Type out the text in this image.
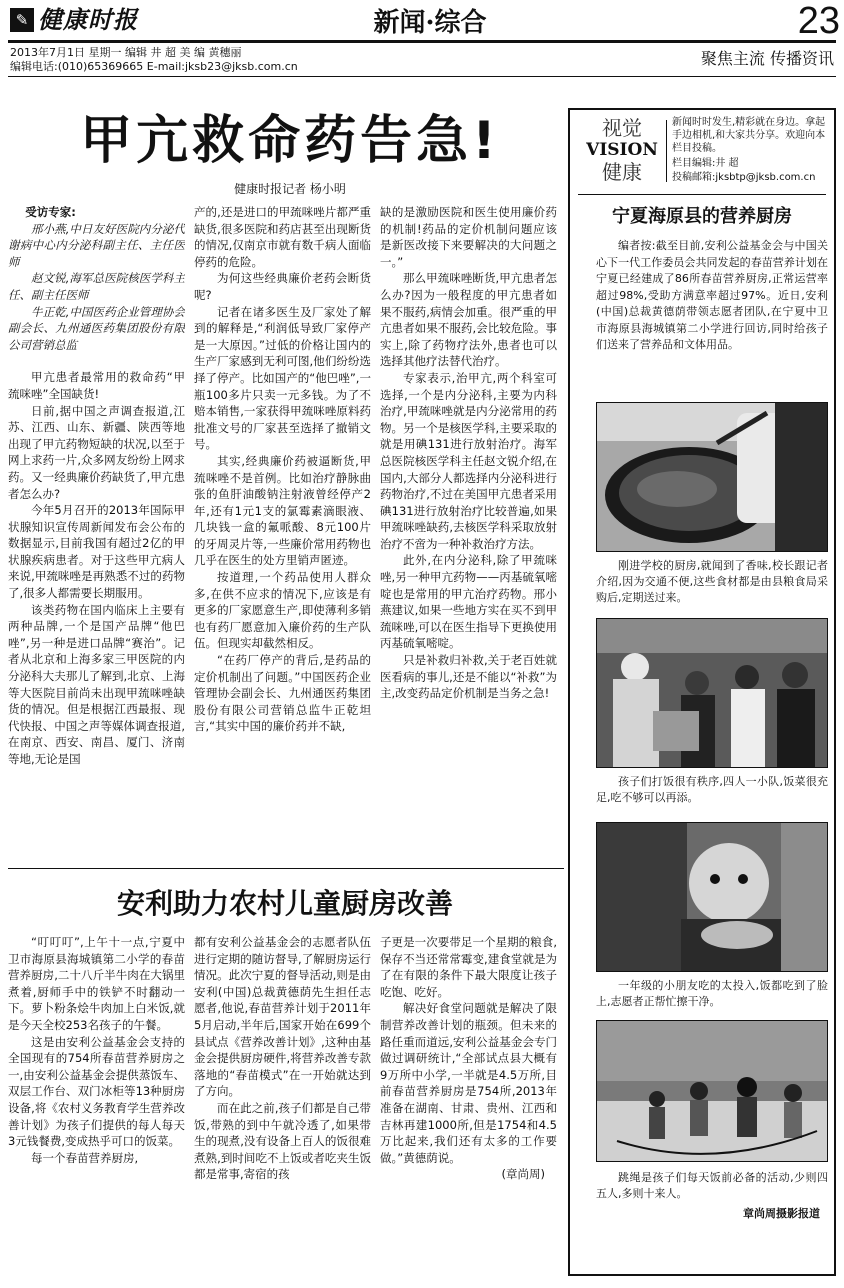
✎ 健康时报	新闻·综合	23
2013年7月1日 星期一 编辑 井 超 美 编 黄穗丽
编辑电话:(010)65369665 E-mail:jksb23@jksb.com.cn	聚焦主流 传播资讯
甲亢救命药告急!
健康时报记者 杨小明

受访专家:

邢小燕,中日友好医院内分泌代谢病中心内分泌科副主任、主任医师

赵文锐,海军总医院核医学科主任、副主任医师

牛正乾,中国医药企业管理协会副会长、九州通医药集团股份有限公司营销总监

甲亢患者最常用的救命药“甲巯咪唑”全国缺货!

日前,据中国之声调查报道,江苏、江西、山东、新疆、陕西等地出现了甲亢药物短缺的状况,以至于网上求药一片,众多网友纷纷上网求药。又一经典廉价药缺货了,甲亢患者怎么办?

今年5月召开的2013年国际甲状腺知识宣传周新闻发布会公布的数据显示,目前我国有超过2亿的甲状腺疾病患者。对于这些甲亢病人来说,甲巯咪唑是再熟悉不过的药物了,很多人都需要长期服用。

该类药物在国内临床上主要有两种品牌,一个是国产品牌“他巴唑”,另一种是进口品牌“赛治”。记者从北京和上海多家三甲医院的内分泌科大夫那儿了解到,北京、上海等大医院目前尚未出现甲巯咪唑缺货的情况。但是根据江西最报、现代快报、中国之声等媒体调查报道,在南京、西安、南昌、厦门、济南等地,无论是国

产的,还是进口的甲巯咪唑片都严重缺货,很多医院和药店甚至出现断货的情况,仅南京市就有数千病人面临停药的危险。

为何这些经典廉价老药会断货呢?

记者在诸多医生及厂家处了解到的解释是,“利润低导致厂家停产是一大原因。”过低的价格让国内的生产厂家感到无利可图,他们纷纷选择了停产。比如国产的“他巴唑”,一瓶100多片只卖一元多钱。为了不赔本销售,一家获得甲巯咪唑原料药批准文号的厂家甚至选择了撤销文号。

其实,经典廉价药被逼断货,甲巯咪唑不是首例。比如治疗静脉曲张的鱼肝油酸钠注射液曾经停产2年,还有1元1支的氯霉素滴眼液、几块钱一盒的氟哌酸、8元100片的牙周灵片等,一些廉价常用药物也几乎在医生的处方里销声匿迹。

按道理,一个药品使用人群众多,在供不应求的情况下,应该是有更多的厂家愿意生产,即使薄利多销也有药厂愿意加入廉价药的生产队伍。但现实却截然相反。

“在药厂停产的背后,是药品的定价机制出了问题。”中国医药企业管理协会副会长、九州通医药集团股份有限公司营销总监牛正乾坦言,“其实中国的廉价药并不缺,

缺的是激励医院和医生使用廉价药的机制!药品的定价机制问题应该是新医改接下来要解决的大问题之一。”

那么甲巯咪唑断货,甲亢患者怎么办?因为一般程度的甲亢患者如果不服药,病情会加重。很严重的甲亢患者如果不服药,会比较危险。事实上,除了药物疗法外,患者也可以选择其他疗法替代治疗。

专家表示,治甲亢,两个科室可选择,一个是内分泌科,主要为内科治疗,甲巯咪唑就是内分泌常用的药物。另一个是核医学科,主要采取的就是用碘131进行放射治疗。海军总医院核医学科主任赵文锐介绍,在国内,大部分人都选择内分泌科进行药物治疗,不过在美国甲亢患者采用碘131进行放射治疗比较普遍,如果甲巯咪唑缺药,去核医学科采取放射治疗不啻为一种补救治疗方法。

此外,在内分泌科,除了甲巯咪唑,另一种甲亢药物——丙基硫氧嘧啶也是常用的甲亢治疗药物。邢小燕建议,如果一些地方实在买不到甲巯咪唑,可以在医生指导下更换使用丙基硫氧嘧啶。

只是补救归补救,关于老百姓就医看病的事儿,还是不能以“补救”为主,改变药品定价机制是当务之急!

安利助力农村儿童厨房改善

“叮叮叮”,上午十一点,宁夏中卫市海原县海城镇第二小学的春苗营养厨房,二十八斤半牛肉在大锅里煮着,厨师手中的铁铲不时翻动一下。萝卜粉条烩牛肉加上白米饭,就是今天全校253名孩子的午餐。

这是由安利公益基金会支持的全国现有的754所春苗营养厨房之一,由安利公益基金会提供蒸饭车、双层工作台、双门冰柜等13种厨房设备,将《农村义务教育学生营养改善计划》为孩子们提供的每人每天3元钱餐费,变成热乎可口的饭菜。

每一个春苗营养厨房,

都有安利公益基金会的志愿者队伍进行定期的随访督导,了解厨房运行情况。此次宁夏的督导活动,则是由安利(中国)总裁黄德荫先生担任志愿者,他说,春苗营养计划于2011年5月启动,半年后,国家开始在699个县试点《营养改善计划》,这种由基金会提供厨房硬件,将营养改善专款落地的“春苗模式”在一开始就达到了方向。

而在此之前,孩子们都是自己带饭,带熟的到中午就冷透了,如果带生的现煮,没有设备上百人的饭很难煮熟,到时间吃不上饭或者吃夹生饭都是常事,寄宿的孩

子更是一次要带足一个星期的粮食,保存不当还常常霉变,建食堂就是为了在有限的条件下最大限度让孩子吃饱、吃好。

解决好食堂问题就是解决了限制营养改善计划的瓶颈。但未来的路任重而道远,安利公益基金会专门做过调研统计,“全部试点县大概有9万所中小学,一半就是4.5万所,目前春苗营养厨房是754所,2013年准备在湖南、甘肃、贵州、江西和吉林再建1000所,但是1754和4.5万比起来,我们还有太多的工作要做。”黄德荫说。

(章尚周)

视觉
VISION
健康
新闻时时发生,精彩就在身边。拿起手边相机,和大家共分享。欢迎向本栏目投稿。
栏目编辑:井 超
投稿邮箱:jksbtp@jksb.com.cn
宁夏海原县的营养厨房
编者按:截至目前,安利公益基金会与中国关心下一代工作委员会共同发起的春苗营养计划在宁夏已经建成了86所春苗营养厨房,正常运营率超过98%,受助方满意率超过97%。近日,安利(中国)总裁黄德荫带领志愿者团队,在宁夏中卫市海原县海城镇第二小学进行回访,同时给孩子们送来了营养品和文体用品。
刚进学校的厨房,就闻到了香味,校长跟记者介绍,因为交通不便,这些食材都是由县粮食局采购后,定期送过来。
孩子们打饭很有秩序,四人一小队,饭菜很充足,吃不够可以再添。
一年级的小朋友吃的太投入,饭都吃到了脸上,志愿者正帮忙擦干净。
跳绳是孩子们每天饭前必备的活动,少则四五人,多则十来人。
章尚周摄影报道
